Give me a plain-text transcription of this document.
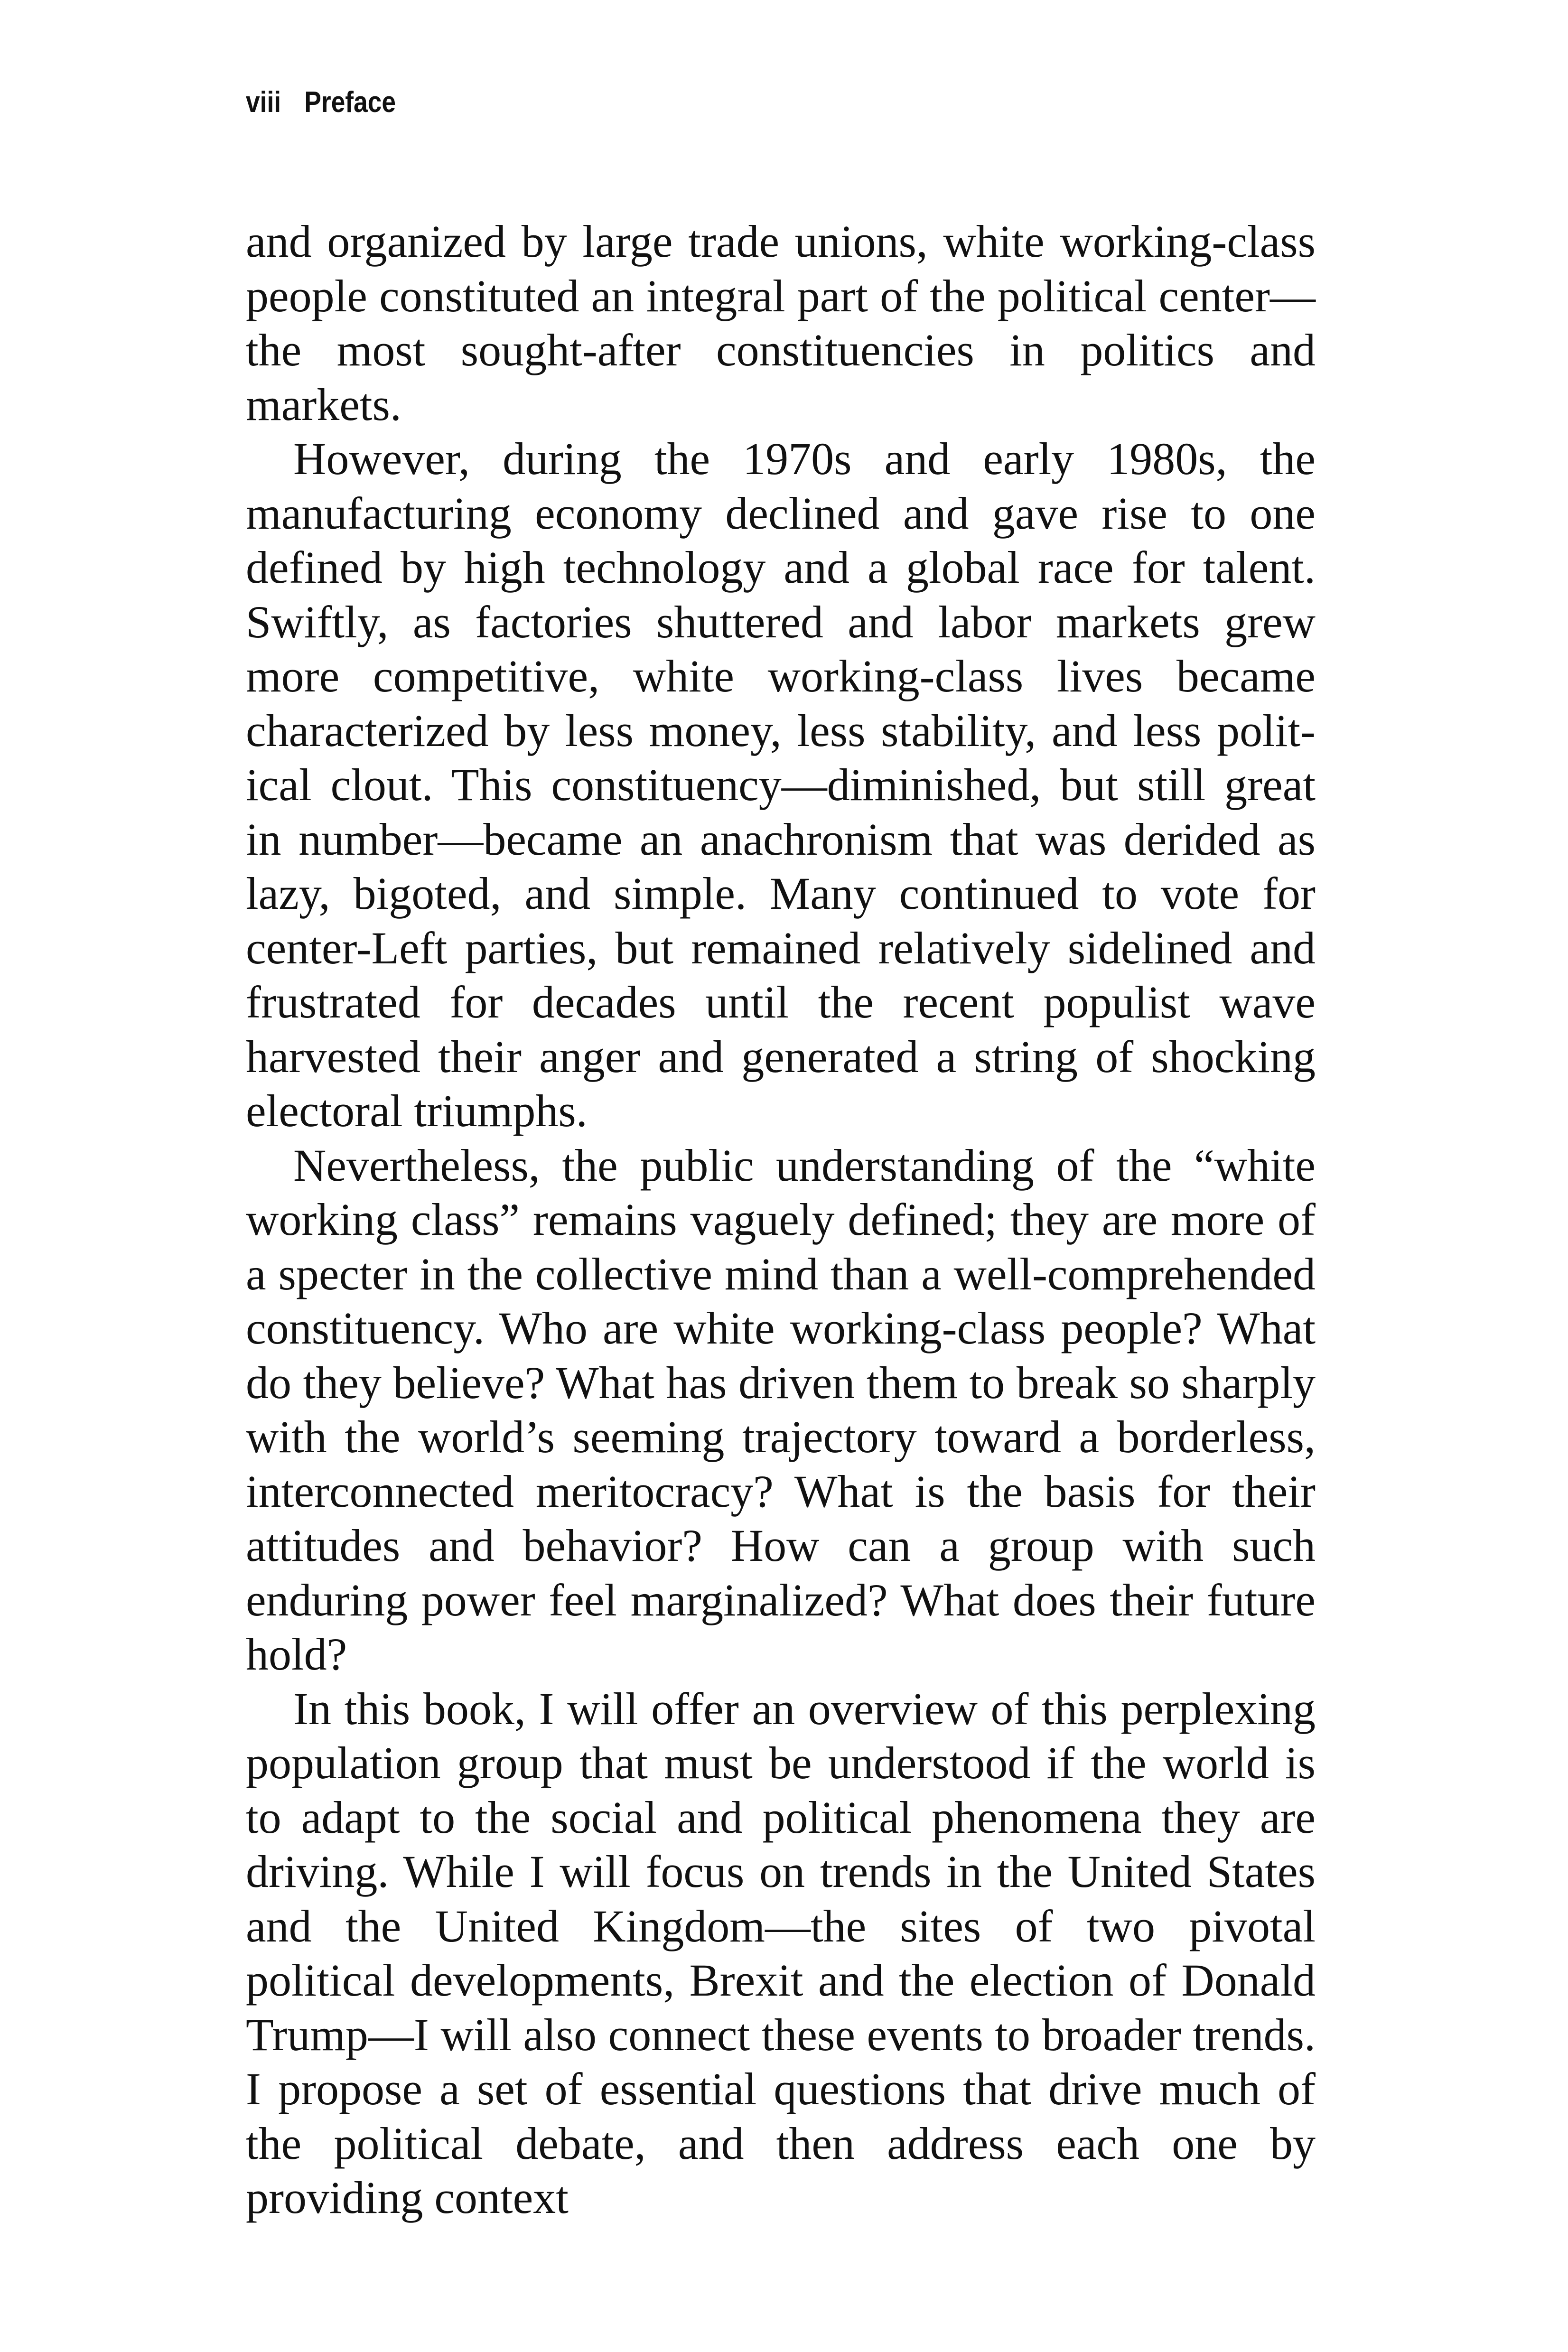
viii Preface

and organized by large trade unions, white working-class people constituted an integral part of the political center—the most sought-after constituencies in politics and markets.

However, during the 1970s and early 1980s, the manufacturing economy declined and gave rise to one defined by high technology and a global race for talent. Swiftly, as factories shuttered and labor markets grew more competitive, white working-class lives became characterized by less money, less stability, and less political clout. This constituency—diminished, but still great in number—became an anachronism that was derided as lazy, bigoted, and simple. Many continued to vote for center-Left parties, but remained relatively sidelined and frustrated for decades until the recent populist wave harvested their anger and generated a string of shocking electoral triumphs.

Nevertheless, the public understanding of the “white working class” remains vaguely defined; they are more of a specter in the collective mind than a well-comprehended constituency. Who are white working-class people? What do they believe? What has driven them to break so sharply with the world’s seeming trajectory toward a borderless, interconnected meritocracy? What is the basis for their attitudes and behavior? How can a group with such enduring power feel marginalized? What does their future hold?

In this book, I will offer an overview of this perplexing population group that must be understood if the world is to adapt to the social and political phenomena they are driving. While I will focus on trends in the United States and the United Kingdom—the sites of two pivotal political developments, Brexit and the election of Donald Trump—I will also connect these events to broader trends. I propose a set of essential questions that drive much of the political debate, and then address each one by providing context
